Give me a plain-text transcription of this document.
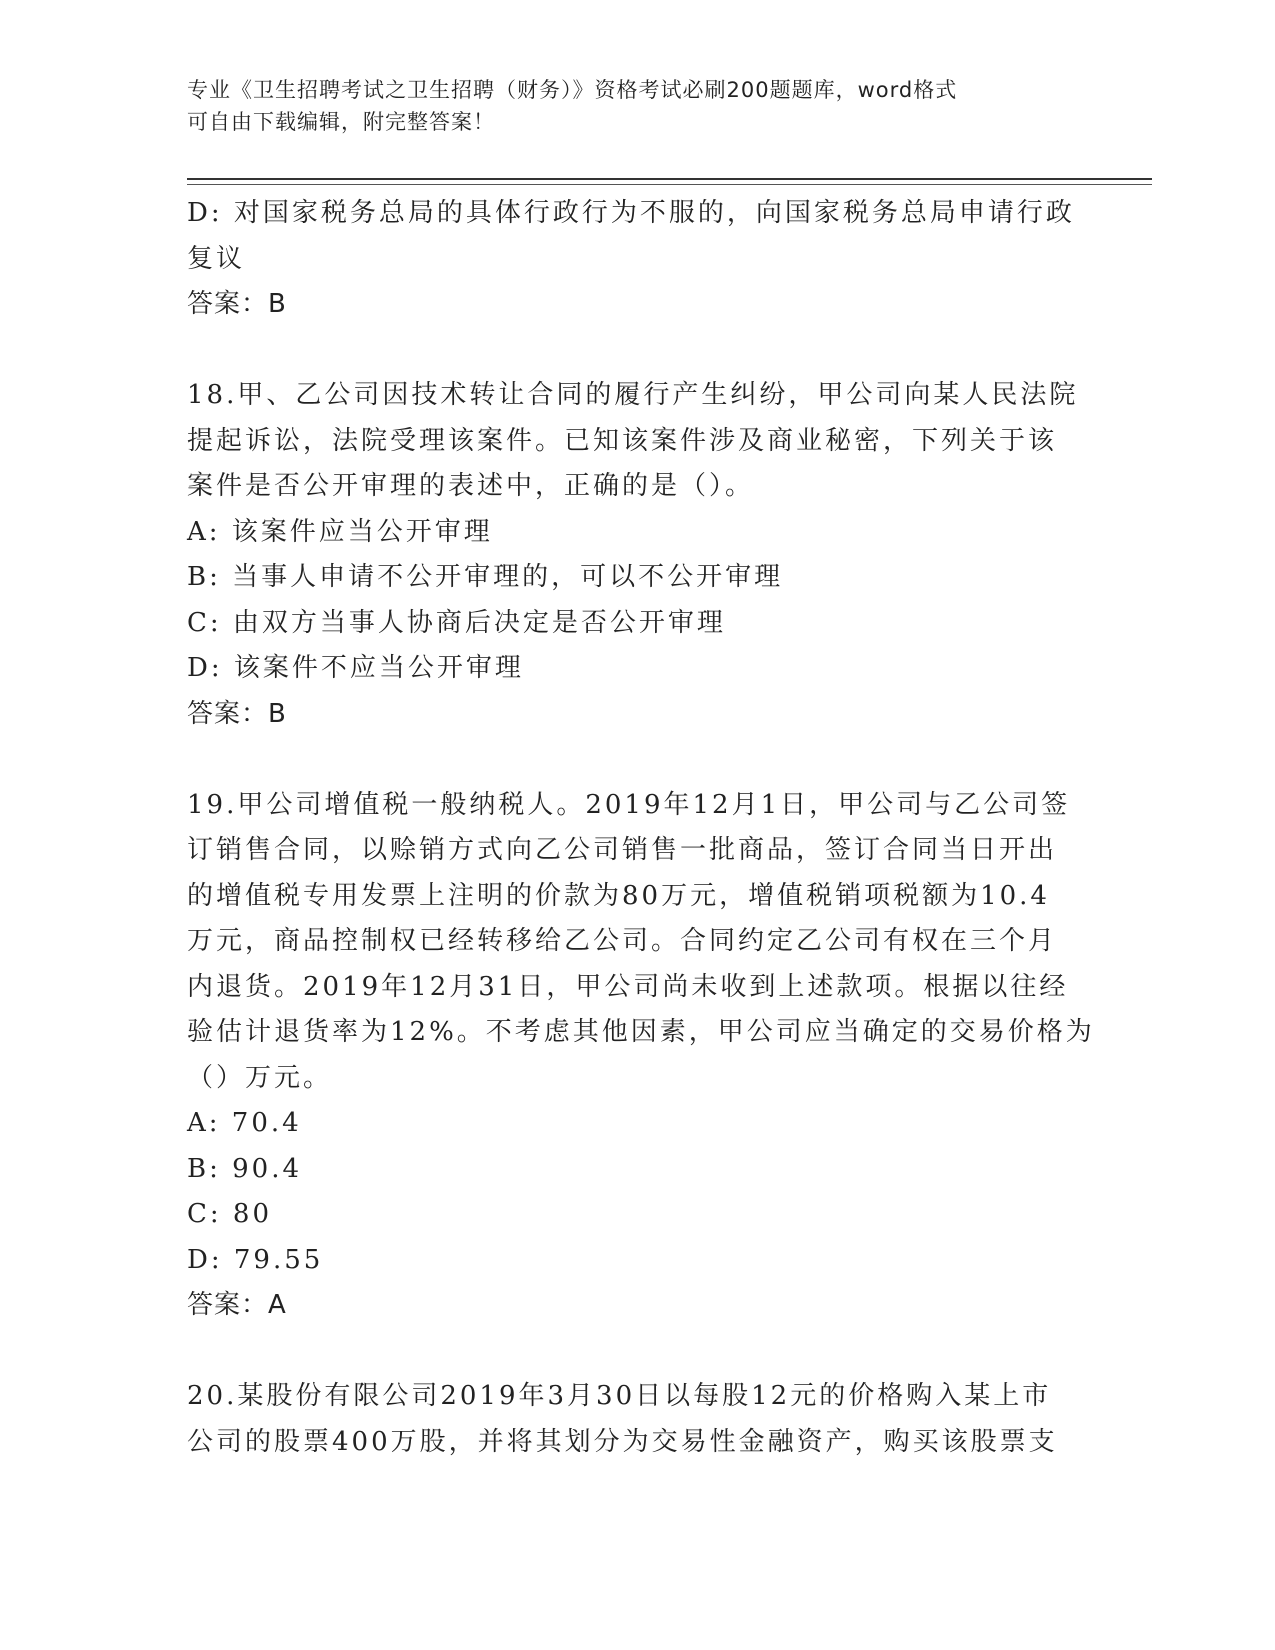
专业《卫生招聘考试之卫生招聘（财务）》资格考试必刷200题题库，word格式
可自由下载编辑，附完整答案！
D: 对国家税务总局的具体行政行为不服的，向国家税务总局申请行政
复议
答案：B
18.甲、乙公司因技术转让合同的履行产生纠纷，甲公司向某人民法院
提起诉讼，法院受理该案件。已知该案件涉及商业秘密，下列关于该
案件是否公开审理的表述中，正确的是（）。
A: 该案件应当公开审理
B: 当事人申请不公开审理的，可以不公开审理
C: 由双方当事人协商后决定是否公开审理
D: 该案件不应当公开审理
答案：B
19.甲公司增值税一般纳税人。2019年12月1日，甲公司与乙公司签
订销售合同，以赊销方式向乙公司销售一批商品，签订合同当日开出
的增值税专用发票上注明的价款为80万元，增值税销项税额为10.4
万元，商品控制权已经转移给乙公司。合同约定乙公司有权在三个月
内退货。2019年12月31日，甲公司尚未收到上述款项。根据以往经
验估计退货率为12%。不考虑其他因素，甲公司应当确定的交易价格为
（）万元。
A: 70.4
B: 90.4
C: 80
D: 79.55
答案：A
20.某股份有限公司2019年3月30日以每股12元的价格购入某上市
公司的股票400万股，并将其划分为交易性金融资产，购买该股票支
